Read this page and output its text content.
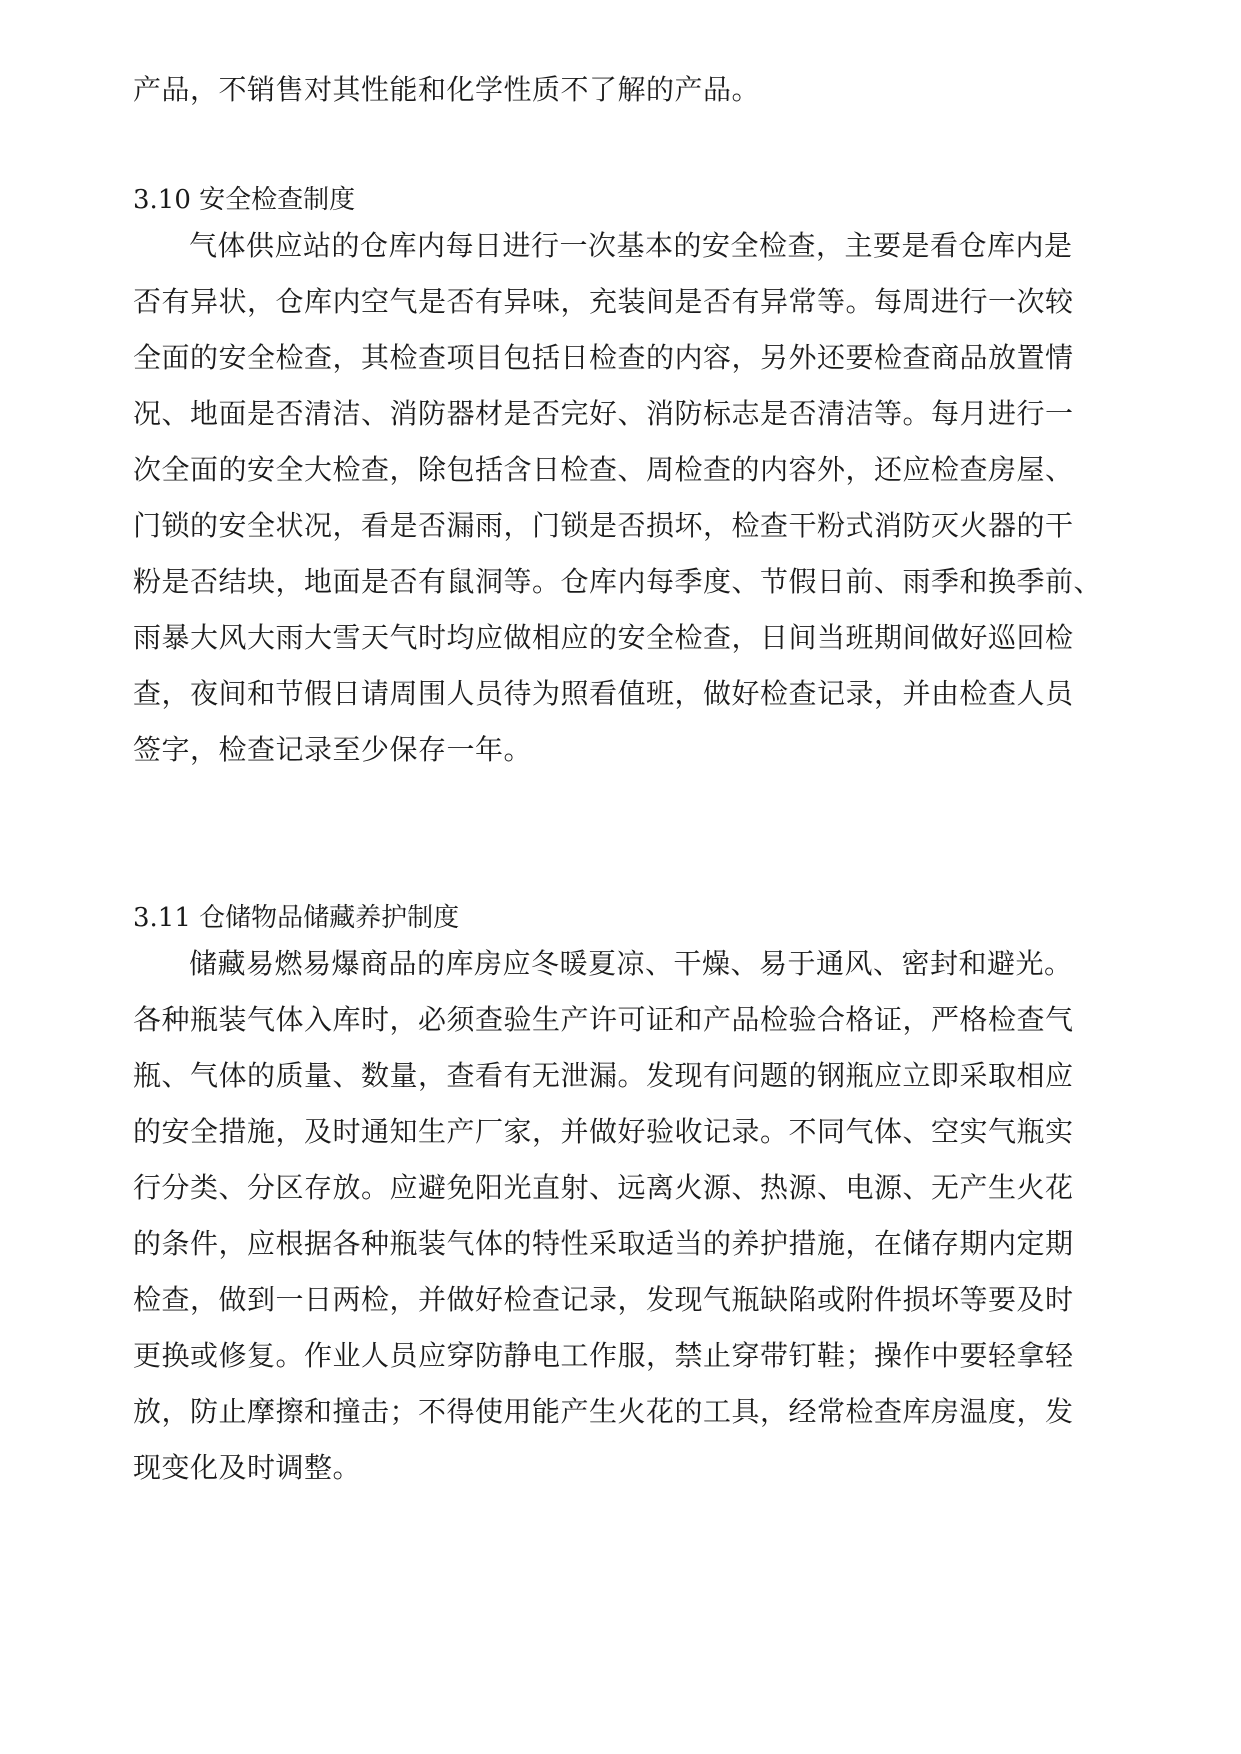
产品，不销售对其性能和化学性质不了解的产品。
3.10 安全检查制度
气体供应站的仓库内每日进行一次基本的安全检查，主要是看仓库内是
否有异状，仓库内空气是否有异味，充装间是否有异常等。每周进行一次较
全面的安全检查，其检查项目包括日检查的内容，另外还要检查商品放置情
况、地面是否清洁、消防器材是否完好、消防标志是否清洁等。每月进行一
次全面的安全大检查，除包括含日检查、周检查的内容外，还应检查房屋、
门锁的安全状况，看是否漏雨，门锁是否损坏，检查干粉式消防灭火器的干
粉是否结块，地面是否有鼠洞等。仓库内每季度、节假日前、雨季和换季前、
雨暴大风大雨大雪天气时均应做相应的安全检查，日间当班期间做好巡回检
查，夜间和节假日请周围人员待为照看值班，做好检查记录，并由检查人员
签字，检查记录至少保存一年。
3.11 仓储物品储藏养护制度
储藏易燃易爆商品的库房应冬暖夏凉、干燥、易于通风、密封和避光。
各种瓶装气体入库时，必须查验生产许可证和产品检验合格证，严格检查气
瓶、气体的质量、数量，查看有无泄漏。发现有问题的钢瓶应立即采取相应
的安全措施，及时通知生产厂家，并做好验收记录。不同气体、空实气瓶实
行分类、分区存放。应避免阳光直射、远离火源、热源、电源、无产生火花
的条件，应根据各种瓶装气体的特性采取适当的养护措施，在储存期内定期
检查，做到一日两检，并做好检查记录，发现气瓶缺陷或附件损坏等要及时
更换或修复。作业人员应穿防静电工作服，禁止穿带钉鞋；操作中要轻拿轻
放，防止摩擦和撞击；不得使用能产生火花的工具，经常检查库房温度，发
现变化及时调整。
